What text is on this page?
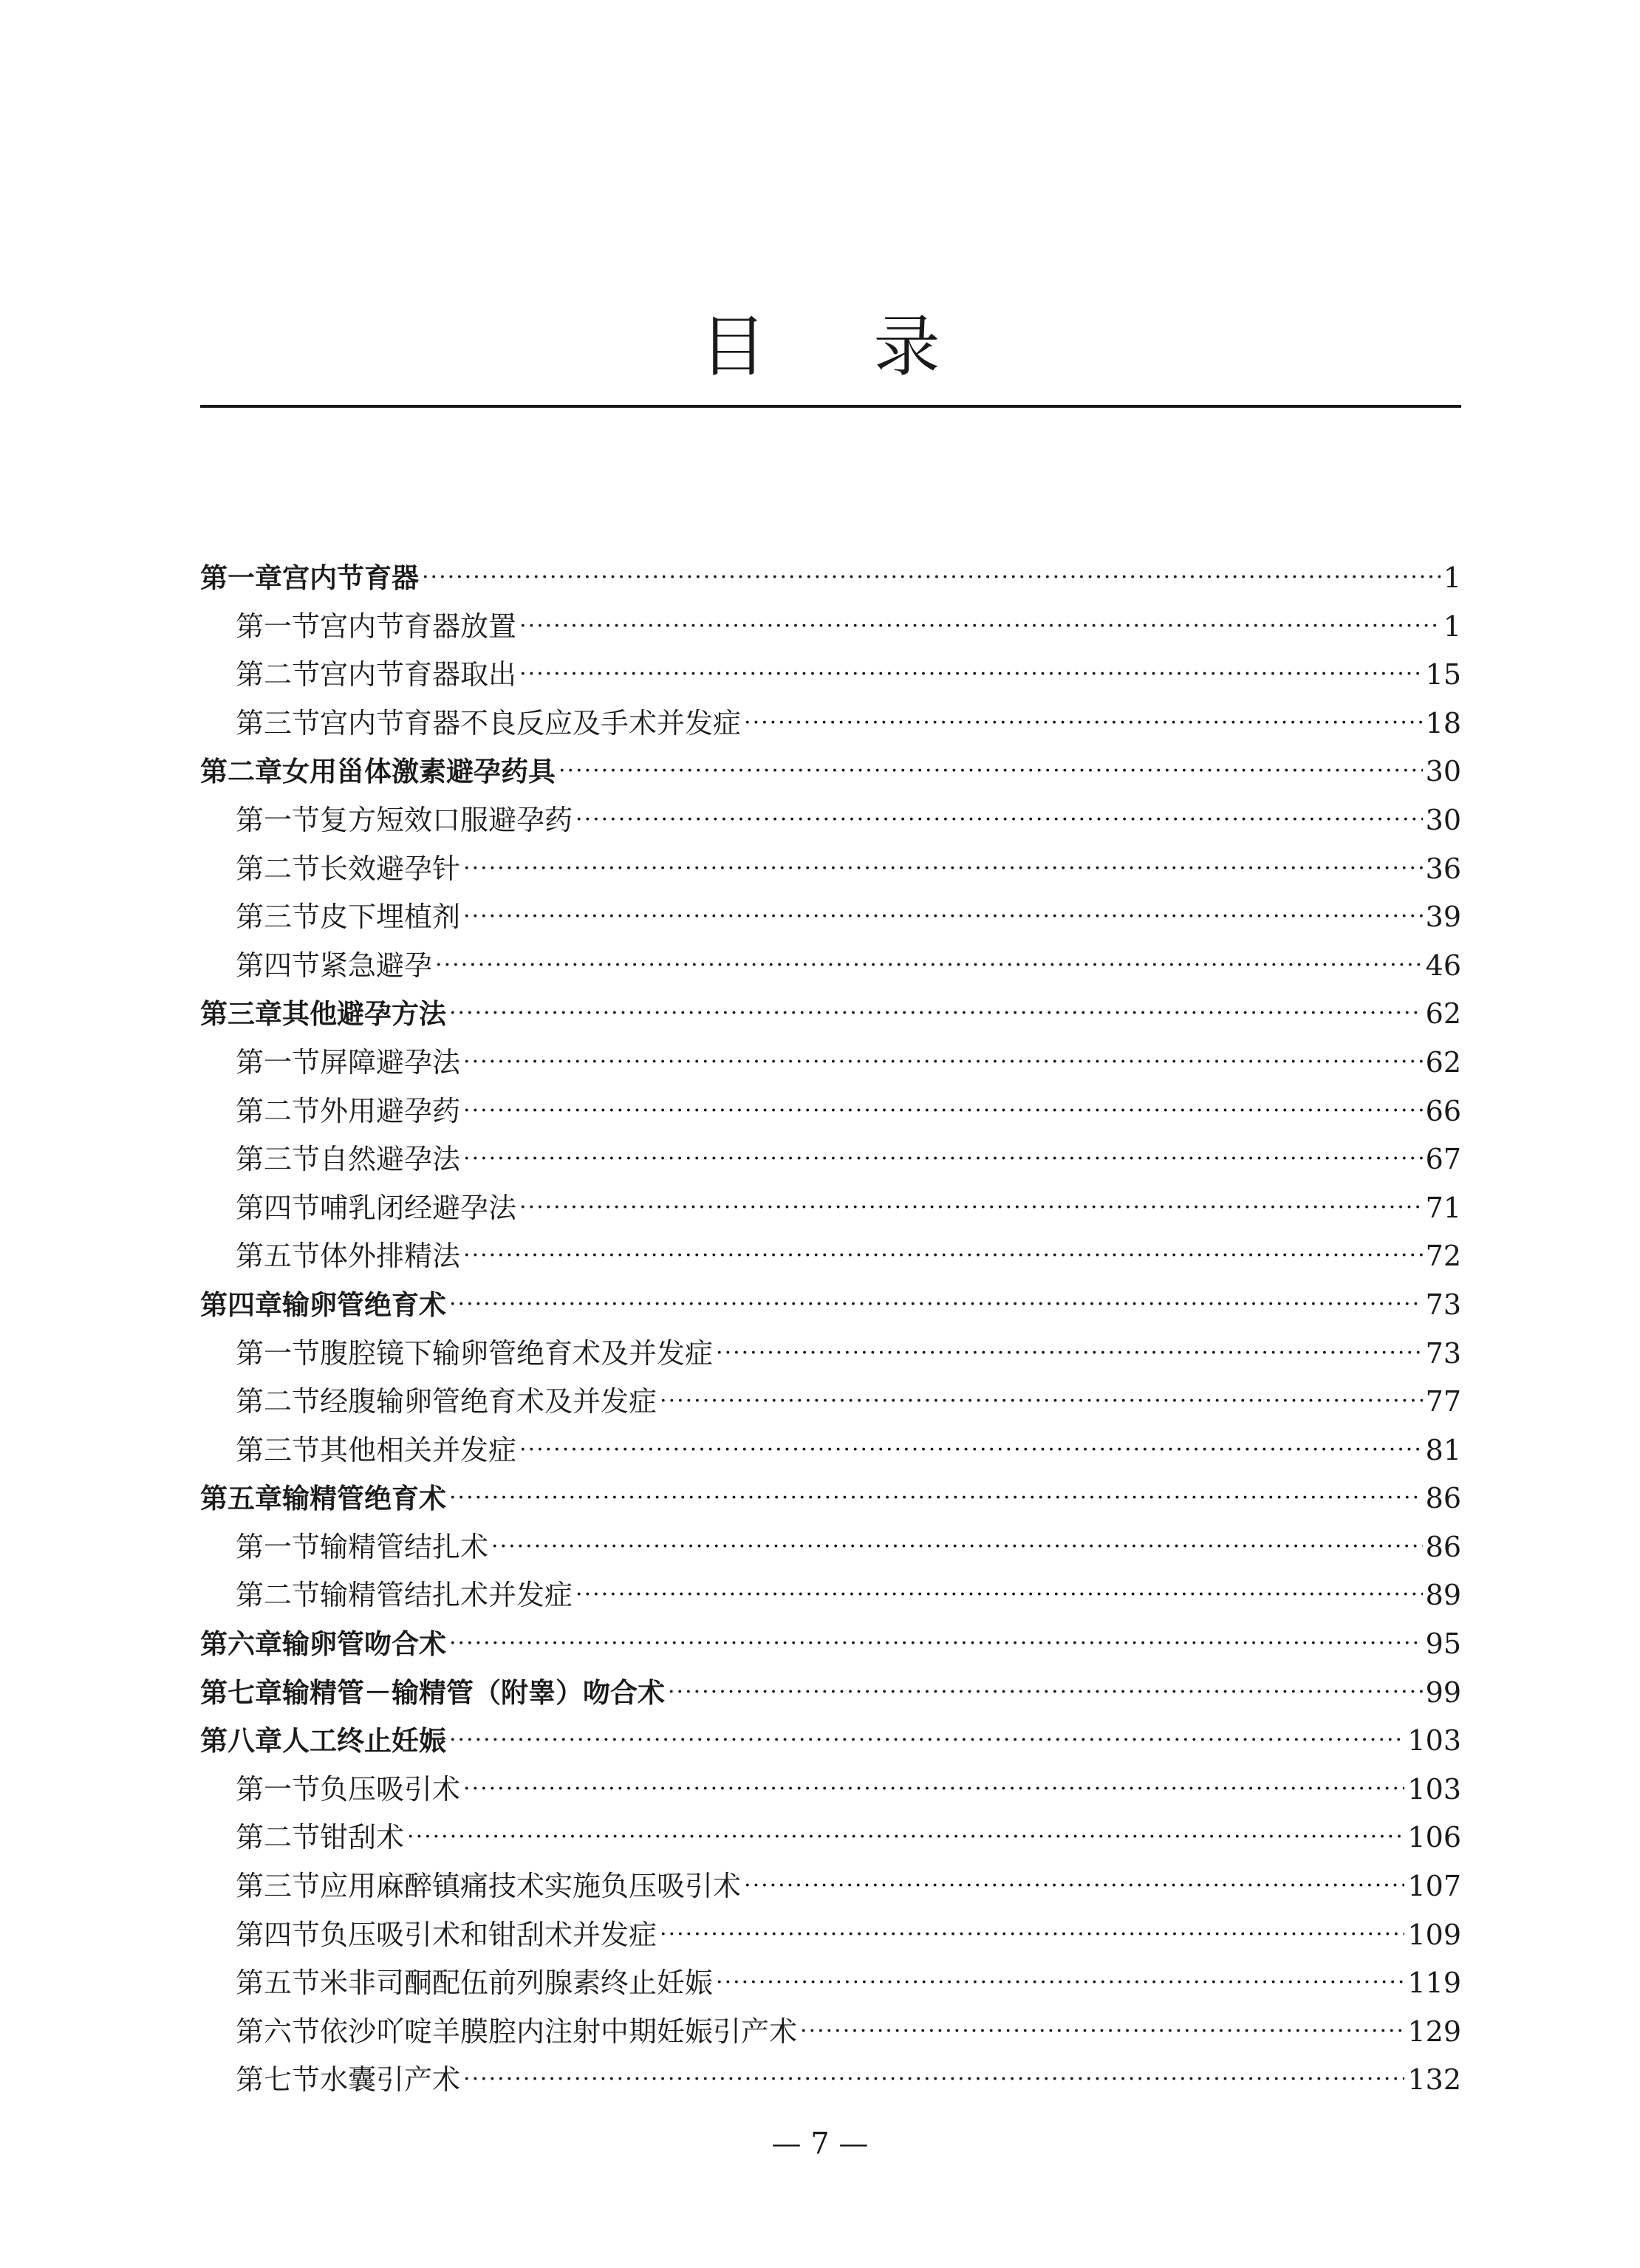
目 录
第一章 宫内节育器 ·····	1
第一节 宫内节育器放置 ·····	1
第二节 宫内节育器取出 ·····	15
第三节 宫内节育器不良反应及手术并发症 ·····	18
第二章 女用甾体激素避孕药具 ·····	30
第一节 复方短效口服避孕药 ·····	30
第二节 长效避孕针 ·····	36
第三节 皮下埋植剂 ·····	39
第四节 紧急避孕 ·····	46
第三章 其他避孕方法 ·····	62
第一节 屏障避孕法 ·····	62
第二节 外用避孕药 ·····	66
第三节 自然避孕法 ·····	67
第四节 哺乳闭经避孕法 ·····	71
第五节 体外排精法 ·····	72
第四章 输卵管绝育术 ·····	73
第一节 腹腔镜下输卵管绝育术及并发症 ·····	73
第二节 经腹输卵管绝育术及并发症 ·····	77
第三节 其他相关并发症 ·····	81
第五章 输精管绝育术 ·····	86
第一节 输精管结扎术 ·····	86
第二节 输精管结扎术并发症 ·····	89
第六章 输卵管吻合术 ·····	95
第七章 输精管－输精管（附睾）吻合术 ·····	99
第八章 人工终止妊娠 ·····	103
第一节 负压吸引术 ·····	103
第二节 钳刮术 ·····	106
第三节 应用麻醉镇痛技术实施负压吸引术 ·····	107
第四节 负压吸引术和钳刮术并发症 ·····	109
第五节 米非司酮配伍前列腺素终止妊娠 ·····	119
第六节 依沙吖啶羊膜腔内注射中期妊娠引产术 ·····	129
第七节 水囊引产术 ·····	132
— 7 —
